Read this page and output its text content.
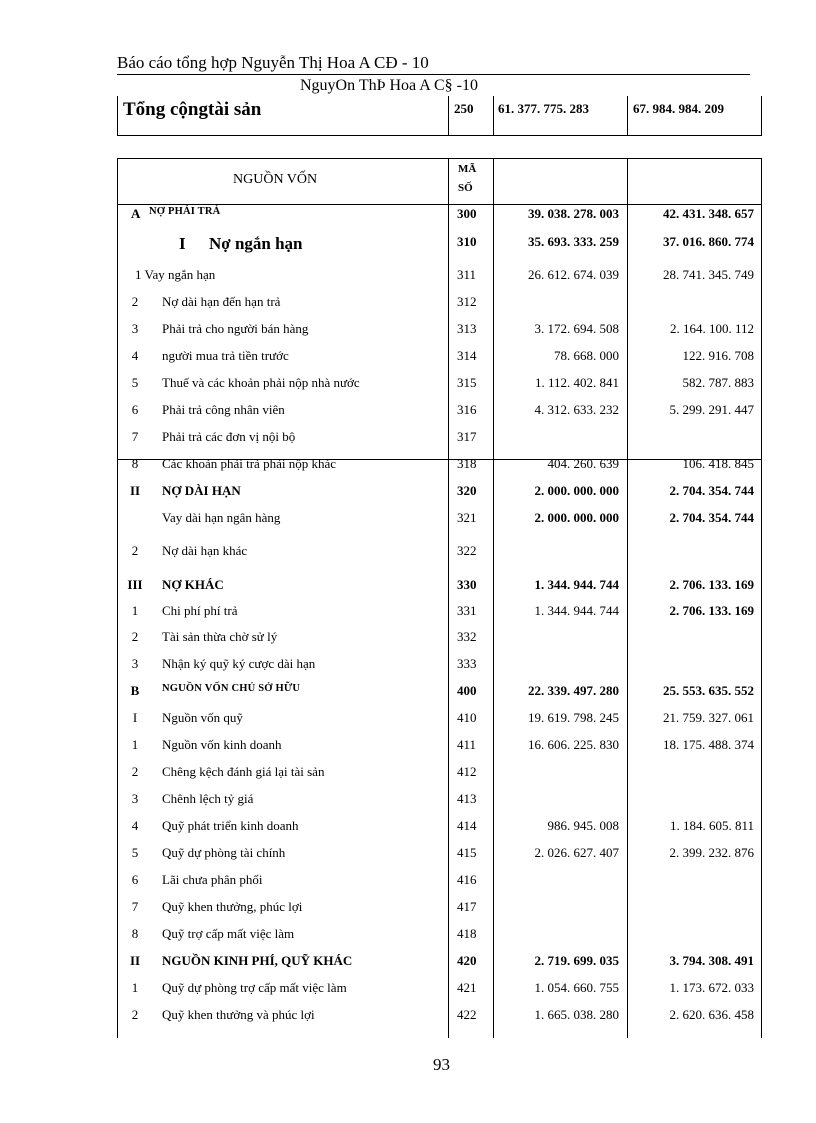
Báo cáo tổng hợp Nguyễn Thị Hoa A CĐ - 10
NguyOn ThÞ Hoa A C§ -10
Tổng cộngtài sản	250 61. 377. 775. 283	67. 984. 984. 209
NGUỒN VỐN
MÃ
SỐ
A NỢ PHẢI TRẢ	300	39. 038. 278. 003	42. 431. 348. 657
I Nợ ngắn hạn	310	35. 693. 333. 259	37. 016. 860. 774
1 Vay ngắn hạn	311	26. 612. 674. 039	28. 741. 345. 749
2	Nợ dài hạn đến hạn trả	312
3	Phải trả cho người bán hàng	313	3. 172. 694. 508	2. 164. 100. 112
4	người mua trả tiền trước	314	78. 668. 000	122. 916. 708
5	Thuế và các khoản phải nộp nhà nước	315	1. 112. 402. 841	582. 787. 883
6	Phải trả công nhân viên	316	4. 312. 633. 232	5. 299. 291. 447
7	Phải trả các đơn vị nội bộ	317
8	Các khoản phải trả phải nộp khác	318	404. 260. 639	106. 418. 845
II	NỢ DÀI HẠN	320	2. 000. 000. 000	2. 704. 354. 744
Vay dài hạn ngân hàng	321	2. 000. 000. 000	2. 704. 354. 744
2	Nợ dài hạn khác	322
III	NỢ KHÁC	330	1. 344. 944. 744	2. 706. 133. 169
1	Chi phí phí trả	331	1. 344. 944. 744	2. 706. 133. 169
2	Tài sản thừa chờ sử lý	332
3	Nhận ký quỹ ký cược dài hạn	333
B	NGUỒN VỐN CHỦ SỞ HỮU	400	22. 339. 497. 280	25. 553. 635. 552
I	Nguồn vốn quỹ	410	19. 619. 798. 245	21. 759. 327. 061
1	Nguồn vốn kinh doanh	411	16. 606. 225. 830	18. 175. 488. 374
2	Chêng kệch đánh giá lại tài sản	412
3	Chênh lệch tỷ giá	413
4	Quỹ phát triển kinh doanh	414	986. 945. 008	1. 184. 605. 811
5	Quỹ dự phòng tài chính	415	2. 026. 627. 407	2. 399. 232. 876
6	Lãi chưa phân phối	416
7	Quỹ khen thưởng, phúc lợi	417
8	Quỹ trợ cấp mất việc làm	418
II	NGUỒN KINH PHÍ, QUỸ KHÁC	420	2. 719. 699. 035	3. 794. 308. 491
1	Quỹ dự phòng trợ cấp mất việc làm	421	1. 054. 660. 755	1. 173. 672. 033
2	Quỹ khen thưởng và phúc lợi	422	1. 665. 038. 280	2. 620. 636. 458
93
